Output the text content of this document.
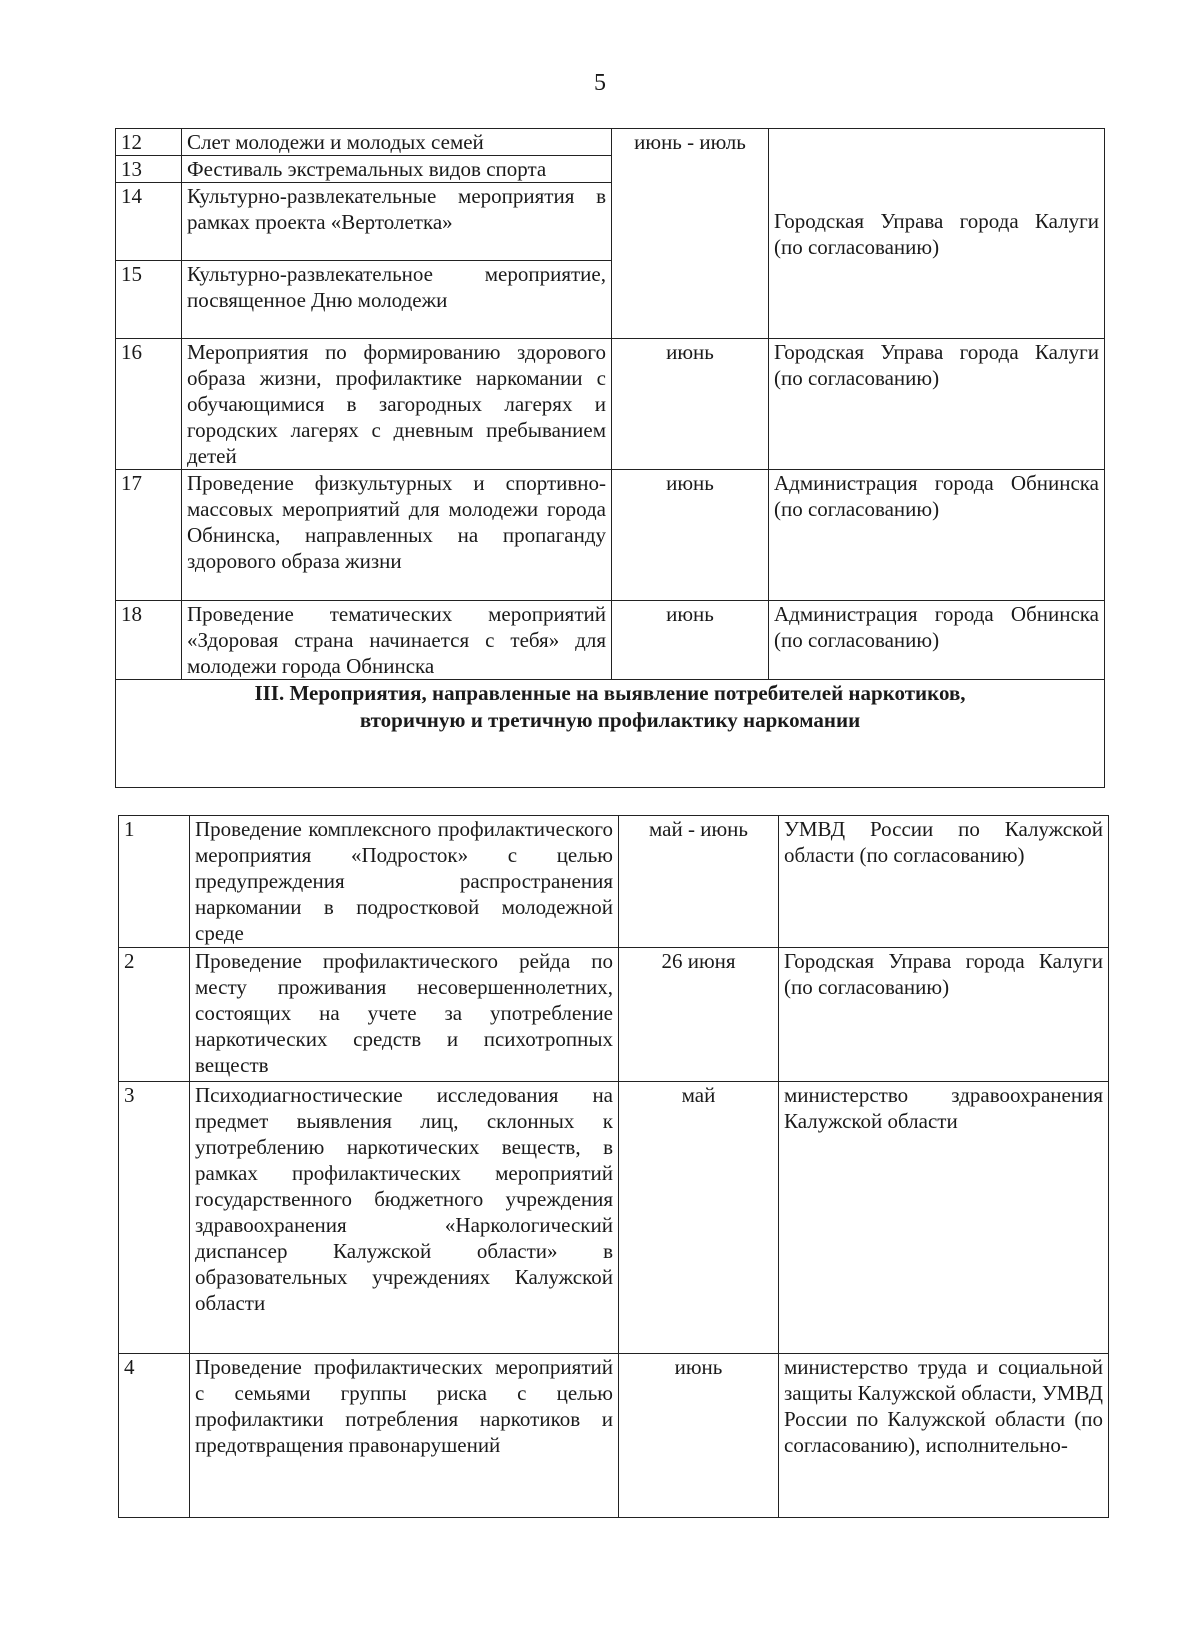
5
12	Слет молодежи и молодых семей	июнь - июль	Городская Управа города Калуги (по согласованию)
13	Фестиваль экстремальных видов спорта		
14	Культурно-развлекательные мероприятия в рамках проекта «Вертолетка»		
15	Культурно-развлекательное мероприятие, посвященное Дню молодежи		
16	Мероприятия по формированию здорового образа жизни, профилактике наркомании с обучающимися в загородных лагерях и городских лагерях с дневным пребыванием детей	июнь	Городская Управа города Калуги (по согласованию)
17	Проведение физкультурных и спортивно-массовых мероприятий для молодежи города Обнинска, направленных на пропаганду здорового образа жизни	июнь	Администрация города Обнинска (по согласованию)
18	Проведение тематических мероприятий «Здоровая страна начинается с тебя» для молодежи города Обнинска	июнь	Администрация города Обнинска (по согласованию)

III. Мероприятия, направленные на выявление потребителей наркотиков,
вторичную и третичную профилактику наркомании			
1	Проведение комплексного профилактического мероприятия «Подросток» с целью предупреждения распространения наркомании в подростковой молодежной среде	май - июнь	УМВД России по Калужской области (по согласованию)
2	Проведение профилактического рейда по месту проживания несовершеннолетних, состоящих на учете за употребление наркотических средств и психотропных веществ	26 июня	Городская Управа города Калуги (по согласованию)
3	Психодиагностические исследования на предмет выявления лиц, склонных к употреблению наркотических веществ, в рамках профилактических мероприятий государственного бюджетного учреждения здравоохранения «Наркологический диспансер Калужской области» в образовательных учреждениях Калужской области	май	министерство здравоохранения Калужской области
4	Проведение профилактических мероприятий с семьями группы риска с целью профилактики потребления наркотиков и предотвращения правонарушений	июнь	министерство труда и социальной защиты Калужской области, УМВД России по Калужской области (по согласованию), исполнительно-
